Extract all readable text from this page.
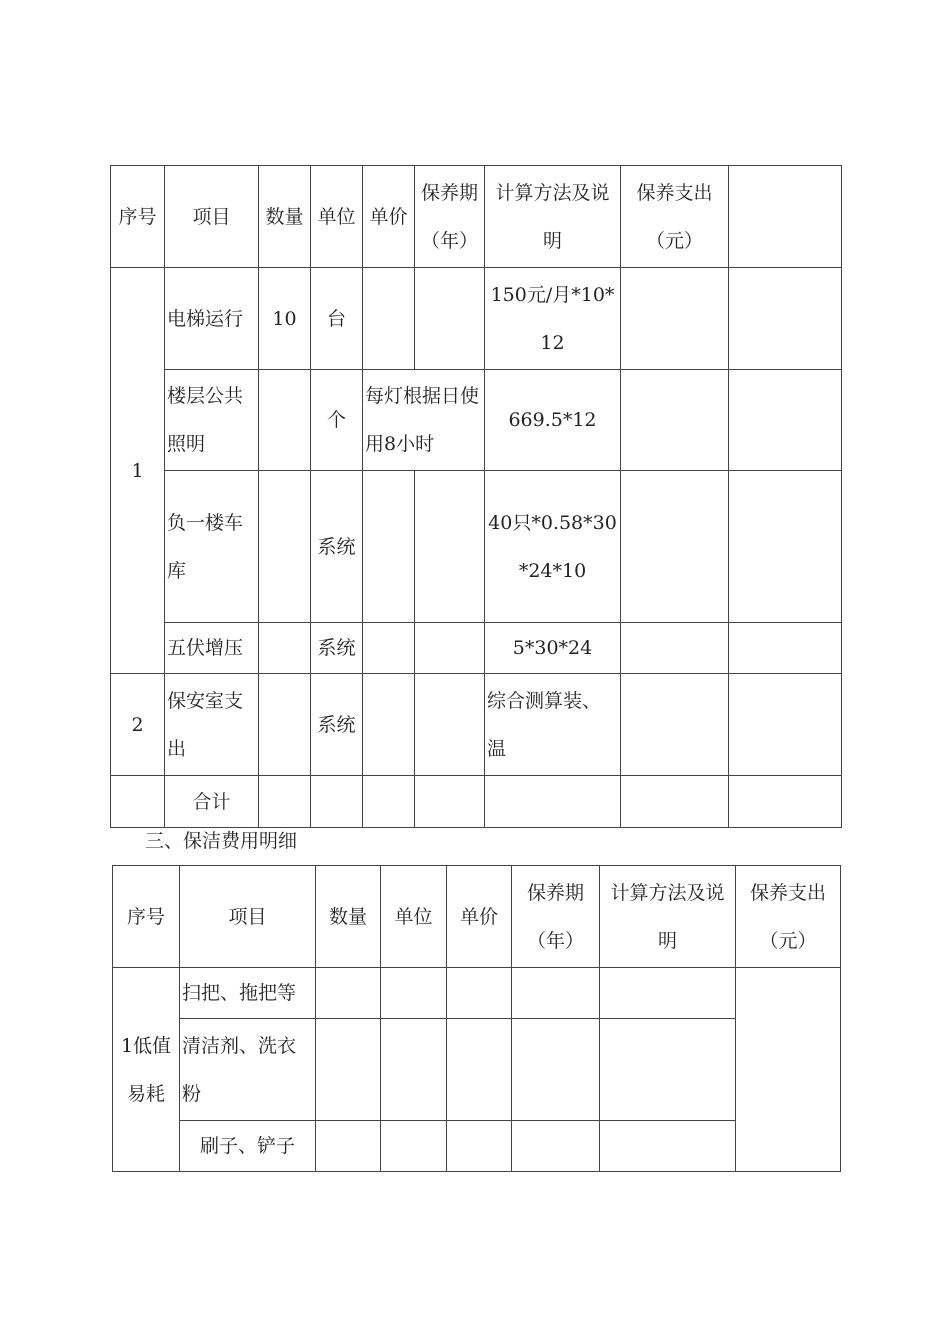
序号	项目	数量	单位	单价	保养期（年）	计算方法及说明	保养支出（元）	
1	电梯运行	10	台			150元/月*10*12		
	楼层公共照明		个	每灯根据日使用8小时		669.5*12		
	负一楼车库		系统			40只*0.58*30*24*10		
	五伏增压		系统			5*30*24		
2	保安室支出		系统			综合测算装、温		
	合计							
三、保洁费用明细
序号	项目	数量	单位	单价	保养期（年）	计算方法及说明	保养支出（元）
1低值易耗	扫把、拖把等						
	清洁剂、洗衣粉						
	刷子、铲子						
